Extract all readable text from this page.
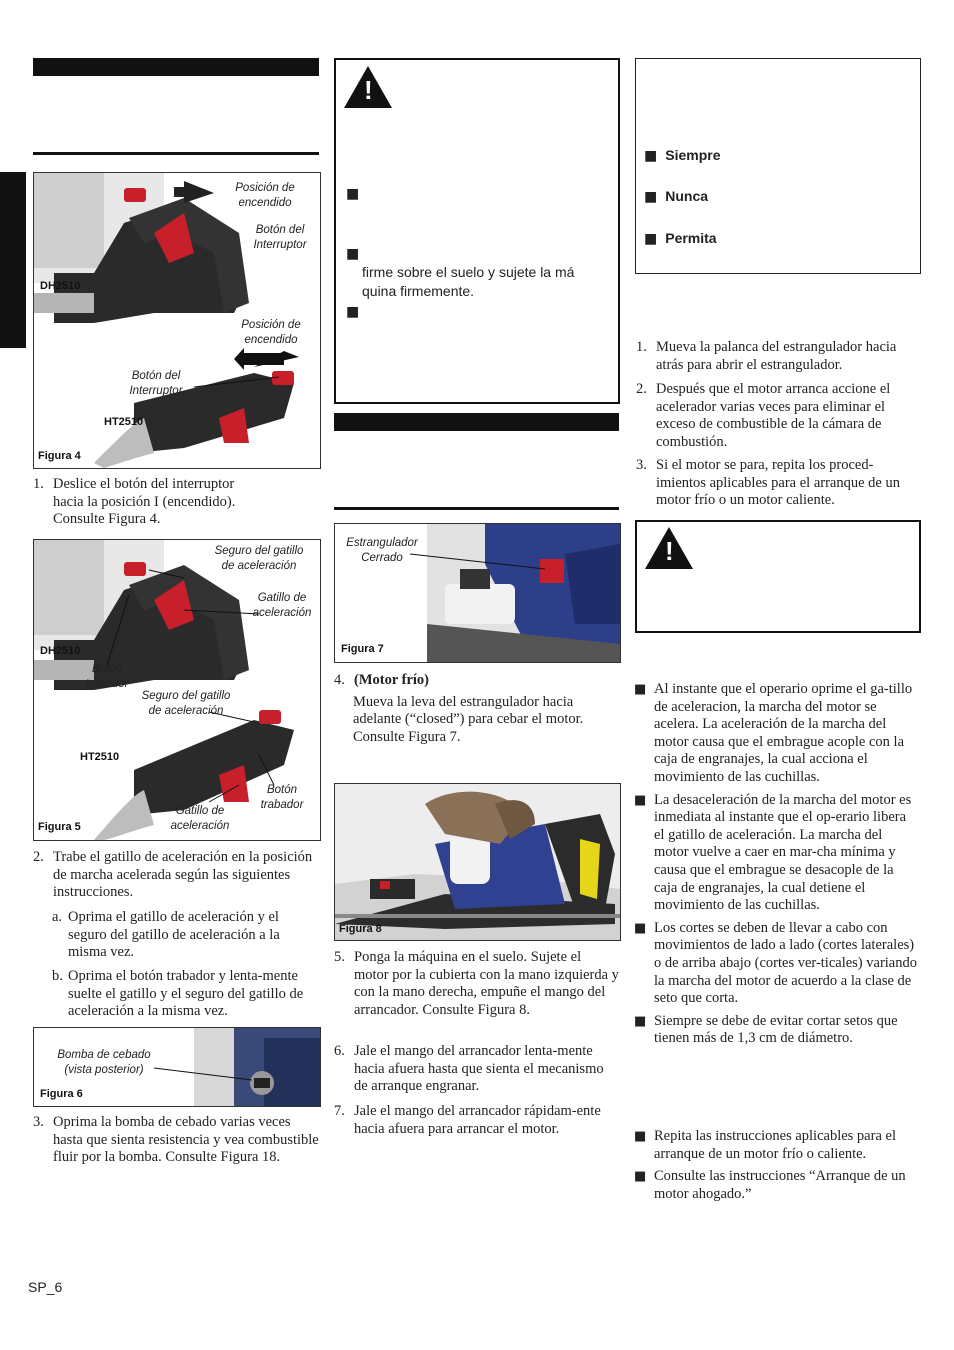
Posición de
encendido
Botón del
Interruptor
DH2510
Posición de
encendido
Botón del
Interruptor
HT2510
Figura 4
1. Deslice el botón del interruptor hacia la posición I (encendido). Consulte Figura 4.
Seguro del gatillo
de aceleración
Gatillo de
aceleración
DH2510
Botón
trabador
Seguro del gatillo
de aceleración
HT2510
Botón
trabador
Gatillo de
aceleración
Figura 5
2. Trabe el gatillo de aceleración en la posición de marcha acelerada según las siguientes instrucciones.
a. Oprima el gatillo de aceleración y el seguro del gatillo de aceleración a la misma vez.
b. Oprima el botón trabador y lenta-mente suelte el gatillo y el seguro del gatillo de aceleración a la misma vez.
Bomba de cebado
(vista posterior)
Figura 6
3. Oprima la bomba de cebado varias veces hasta que sienta resistencia y vea combustible fluir por la bomba. Consulte Figura 18.
!
■
■
firme sobre el suelo y sujete la má quina firmemente.
■
Estrangulador
Cerrado
Figura 7
4. (Motor frío)
Mueva la leva del estrangulador hacia adelante (“closed”) para cebar el motor. Consulte Figura 7.
Figura 8
5. Ponga la máquina en el suelo. Sujete el motor por la cubierta con la mano izquierda y con la mano derecha, empuñe el mango del arrancador. Consulte Figura 8.
6. Jale el mango del arrancador lenta-mente hacia afuera hasta que sienta el mecanismo de arranque engranar.
7. Jale el mango del arrancador rápidam-ente hacia afuera para arrancar el motor.
■ Siempre
■ Nunca
■ Permita
1. Mueva la palanca del estrangulador hacia atrás para abrir el estrangulador.
2. Después que el motor arranca accione el acelerador varias veces para eliminar el exceso de combustible de la cámara de combustión.
3. Si el motor se para, repita los proced-imientos aplicables para el arranque de un motor frío o un motor caliente.
!
■ Al instante que el operario oprime el ga-tillo de aceleracion, la marcha del motor se acelera. La aceleración de la marcha del motor causa que el embrague acople con la caja de engranajes, la cual acciona el movimiento de las cuchillas.
■ La desaceleración de la marcha del motor es inmediata al instante que el op-erario libera el gatillo de aceleración. La marcha del motor vuelve a caer en mar-cha mínima y causa que el embrague se desacople de la caja de engranajes, la cual detiene el movimiento de las cuchillas.
■ Los cortes se deben de llevar a cabo con movimientos de lado a lado (cortes laterales) o de arriba abajo (cortes ver-ticales) variando la marcha del motor de acuerdo a la clase de seto que corta.
■ Siempre se debe de evitar cortar setos que tienen más de 1,3 cm de diámetro.
■ Repita las instrucciones aplicables para el arranque de un motor frío o caliente.
■ Consulte las instrucciones “Arranque de un motor ahogado.”
SP_6
